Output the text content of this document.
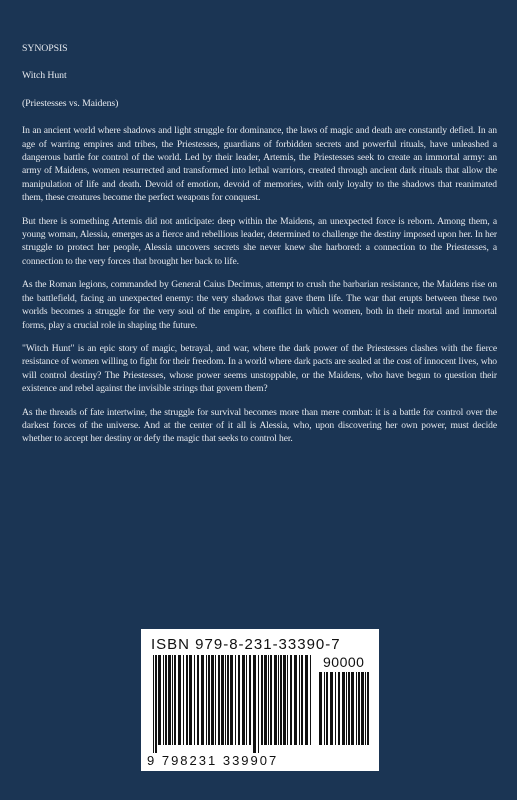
SYNOPSIS

Witch Hunt

(Priestesses vs. Maidens)

In an ancient world where shadows and light struggle for dominance, the laws of magic and death are constantly defied. In an age of warring empires and tribes, the Priestesses, guardians of forbidden secrets and powerful rituals, have unleashed a dangerous battle for control of the world. Led by their leader, Artemis, the Priestesses seek to create an immortal army: an army of Maidens, women resurrected and transformed into lethal warriors, created through ancient dark rituals that allow the manipulation of life and death. Devoid of emotion, devoid of memories, with only loyalty to the shadows that reanimated them, these creatures become the perfect weapons for conquest.

But there is something Artemis did not anticipate: deep within the Maidens, an unexpected force is reborn. Among them, a young woman, Alessia, emerges as a fierce and rebellious leader, determined to challenge the destiny imposed upon her. In her struggle to protect her people, Alessia uncovers secrets she never knew she harbored: a connection to the Priestesses, a connection to the very forces that brought her back to life.

As the Roman legions, commanded by General Caius Decimus, attempt to crush the barbarian resistance, the Maidens rise on the battlefield, facing an unexpected enemy: the very shadows that gave them life. The war that erupts between these two worlds becomes a struggle for the very soul of the empire, a conflict in which women, both in their mortal and immortal forms, play a crucial role in shaping the future.

"Witch Hunt" is an epic story of magic, betrayal, and war, where the dark power of the Priestesses clashes with the fierce resistance of women willing to fight for their freedom. In a world where dark pacts are sealed at the cost of innocent lives, who will control destiny? The Priestesses, whose power seems unstoppable, or the Maidens, who have begun to question their existence and rebel against the invisible strings that govern them?

As the threads of fate intertwine, the struggle for survival becomes more than mere combat: it is a battle for control over the darkest forces of the universe. And at the center of it all is Alessia, who, upon discovering her own power, must decide whether to accept her destiny or defy the magic that seeks to control her.

ISBN 979-8-231-33390-7
90000
9 798231 339907
